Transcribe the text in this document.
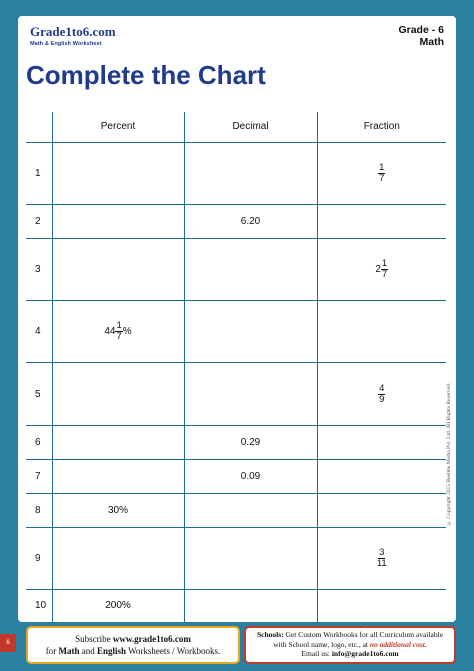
Grade1to6.com
Math & English Worksheet
Grade - 6
Math
Complete the Chart
	Percent	Decimal	Fraction
1			$\frac{1}{7}$

2		6.20	
3			$2 \frac{1}{7}$

4	$44 \frac{1}{7}$ %		
5			$\frac{4}{9}$

6		0.29	
7		0.09	
8	30%		
9			$\frac{3}{11}$

10	200%		
© Copyright 2015 Beeline Media Pvt. Ltd. All Rights Reserved.
6	Subscribe www.grade1to6.com
for Math and English Worksheets / Workbooks.
Schools: Get Custom Workbooks for all Curriculum available
with School name, logo, etc., at no additional cost.
Email us: info@grade1to6.com
